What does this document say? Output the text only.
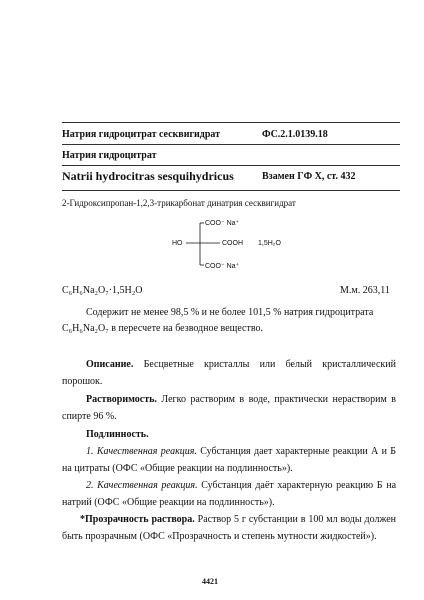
Натрия гидроцитрат сесквигидрат	ФС.2.1.0139.18
Натрия гидроцитрат
Natrii hydrocitras sesquihydricus	Взамен ГФ X, ст. 432
2-Гидроксипропан-1,2,3-трикарбонат динатрия сесквигидрат
COO⁻ Na⁺
HO	COOH
COO⁻ Na⁺
1,5H₂O
C₆H₆Na₂O₇·1,5H₂O	М.м. 263,11
Содержит не менее 98,5 % и не более 101,5 % натрия гидроцитрата
C₆H₆Na₂O₇ в пересчете на безводное вещество.
Описание. Бесцветные кристаллы или белый кристаллический порошок.
Растворимость. Легко растворим в воде, практически нерастворим в спирте 96 %.
Подлинность.
1. Качественная реакция. Субстанция дает характерные реакции А и Б на цитраты (ОФС «Общие реакции на подлинность»).
2. Качественная реакция. Субстанция даёт характерную реакцию Б на натрий (ОФС «Общие реакции на подлинность»).
*Прозрачность раствора. Раствор 5 г субстанции в 100 мл воды должен быть прозрачным (ОФС «Прозрачность и степень мутности жидкостей»).
4421
